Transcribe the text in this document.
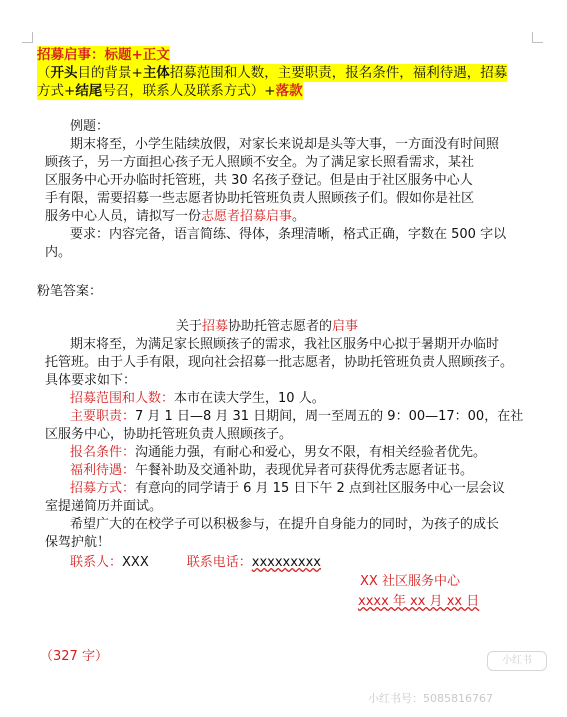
招募启事：标题+正文
（开头目的背景+主体招募范围和人数，主要职责，报名条件，福利待遇，招募
方式+结尾号召，联系人及联系方式）+落款
例题：
期末将至，小学生陆续放假，对家长来说却是头等大事，一方面没有时间照
顾孩子，另一方面担心孩子无人照顾不安全。为了满足家长照看需求，某社
区服务中心开办临时托管班，共 30 名孩子登记。但是由于社区服务中心人
手有限，需要招募一些志愿者协助托管班负责人照顾孩子们。假如你是社区
服务中心人员，请拟写一份志愿者招募启事。
要求：内容完备，语言简练、得体，条理清晰，格式正确，字数在 500 字以
内。
粉笔答案：
关于招募协助托管志愿者的启事
期末将至，为满足家长照顾孩子的需求，我社区服务中心拟于暑期开办临时
托管班。由于人手有限，现向社会招募一批志愿者，协助托管班负责人照顾孩子。
具体要求如下：
招募范围和人数：本市在读大学生，10 人。
主要职责：7 月 1 日—8 月 31 日期间，周一至周五的 9：00—17：00，在社
区服务中心，协助托管班负责人照顾孩子。
报名条件：沟通能力强，有耐心和爱心，男女不限，有相关经验者优先。
福利待遇：午餐补助及交通补助，表现优异者可获得优秀志愿者证书。
招募方式：有意向的同学请于 6 月 15 日下午 2 点到社区服务中心一层会议
室提递简历并面试。
希望广大的在校学子可以积极参与，在提升自身能力的同时，为孩子的成长
保驾护航！
联系人：XXX	联系电话：xxxxxxxxx
XX 社区服务中心
xxxx 年 xx 月 xx 日
（327 字）	小红书
小红书号：5085816767
